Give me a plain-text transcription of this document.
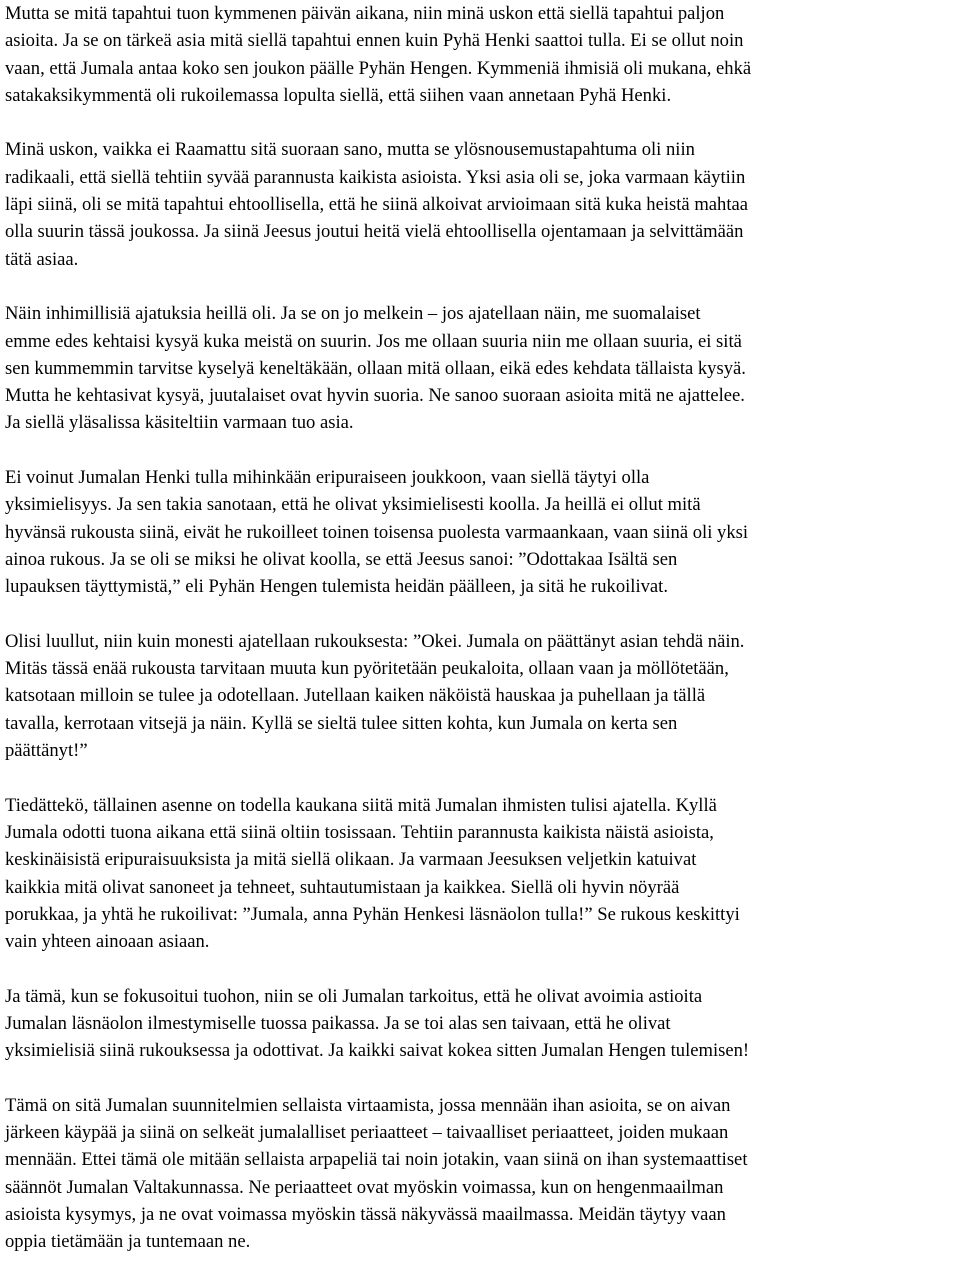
Mutta se mitä tapahtui tuon kymmenen päivän aikana, niin minä uskon että siellä tapahtui paljon
asioita. Ja se on tärkeä asia mitä siellä tapahtui ennen kuin Pyhä Henki saattoi tulla. Ei se ollut noin
vaan, että Jumala antaa koko sen joukon päälle Pyhän Hengen. Kymmeniä ihmisiä oli mukana, ehkä
satakaksikymmentä oli rukoilemassa lopulta siellä, että siihen vaan annetaan Pyhä Henki.
Minä uskon, vaikka ei Raamattu sitä suoraan sano, mutta se ylösnousemustapahtuma oli niin
radikaali, että siellä tehtiin syvää parannusta kaikista asioista. Yksi asia oli se, joka varmaan käytiin
läpi siinä, oli se mitä tapahtui ehtoollisella, että he siinä alkoivat arvioimaan sitä kuka heistä mahtaa
olla suurin tässä joukossa. Ja siinä Jeesus joutui heitä vielä ehtoollisella ojentamaan ja selvittämään
tätä asiaa.
Näin inhimillisiä ajatuksia heillä oli. Ja se on jo melkein – jos ajatellaan näin, me suomalaiset
emme edes kehtaisi kysyä kuka meistä on suurin. Jos me ollaan suuria niin me ollaan suuria, ei sitä
sen kummemmin tarvitse kyselyä keneltäkään, ollaan mitä ollaan, eikä edes kehdata tällaista kysyä.
Mutta he kehtasivat kysyä, juutalaiset ovat hyvin suoria. Ne sanoo suoraan asioita mitä ne ajattelee.
Ja siellä yläsalissa käsiteltiin varmaan tuo asia.
Ei voinut Jumalan Henki tulla mihinkään eripuraiseen joukkoon, vaan siellä täytyi olla
yksimielisyys. Ja sen takia sanotaan, että he olivat yksimielisesti koolla. Ja heillä ei ollut mitä
hyvänsä rukousta siinä, eivät he rukoilleet toinen toisensa puolesta varmaankaan, vaan siinä oli yksi
ainoa rukous. Ja se oli se miksi he olivat koolla, se että Jeesus sanoi: ”Odottakaa Isältä sen
lupauksen täyttymistä,” eli Pyhän Hengen tulemista heidän päälleen, ja sitä he rukoilivat.
Olisi luullut, niin kuin monesti ajatellaan rukouksesta: ”Okei. Jumala on päättänyt asian tehdä näin.
Mitäs tässä enää rukousta tarvitaan muuta kun pyöritetään peukaloita, ollaan vaan ja möllötetään,
katsotaan milloin se tulee ja odotellaan. Jutellaan kaiken näköistä hauskaa ja puhellaan ja tällä
tavalla, kerrotaan vitsejä ja näin. Kyllä se sieltä tulee sitten kohta, kun Jumala on kerta sen
päättänyt!”
Tiedättekö, tällainen asenne on todella kaukana siitä mitä Jumalan ihmisten tulisi ajatella. Kyllä
Jumala odotti tuona aikana että siinä oltiin tosissaan. Tehtiin parannusta kaikista näistä asioista,
keskinäisistä eripuraisuuksista ja mitä siellä olikaan. Ja varmaan Jeesuksen veljetkin katuivat
kaikkia mitä olivat sanoneet ja tehneet, suhtautumistaan ja kaikkea. Siellä oli hyvin nöyrää
porukkaa, ja yhtä he rukoilivat: ”Jumala, anna Pyhän Henkesi läsnäolon tulla!” Se rukous keskittyi
vain yhteen ainoaan asiaan.
Ja tämä, kun se fokusoitui tuohon, niin se oli Jumalan tarkoitus, että he olivat avoimia astioita
Jumalan läsnäolon ilmestymiselle tuossa paikassa. Ja se toi alas sen taivaan, että he olivat
yksimielisiä siinä rukouksessa ja odottivat. Ja kaikki saivat kokea sitten Jumalan Hengen tulemisen!
Tämä on sitä Jumalan suunnitelmien sellaista virtaamista, jossa mennään ihan asioita, se on aivan
järkeen käypää ja siinä on selkeät jumalalliset periaatteet – taivaalliset periaatteet, joiden mukaan
mennään. Ettei tämä ole mitään sellaista arpapeliä tai noin jotakin, vaan siinä on ihan systemaattiset
säännöt Jumalan Valtakunnassa. Ne periaatteet ovat myöskin voimassa, kun on hengenmaailman
asioista kysymys, ja ne ovat voimassa myöskin tässä näkyvässä maailmassa. Meidän täytyy vaan
oppia tietämään ja tuntemaan ne.
